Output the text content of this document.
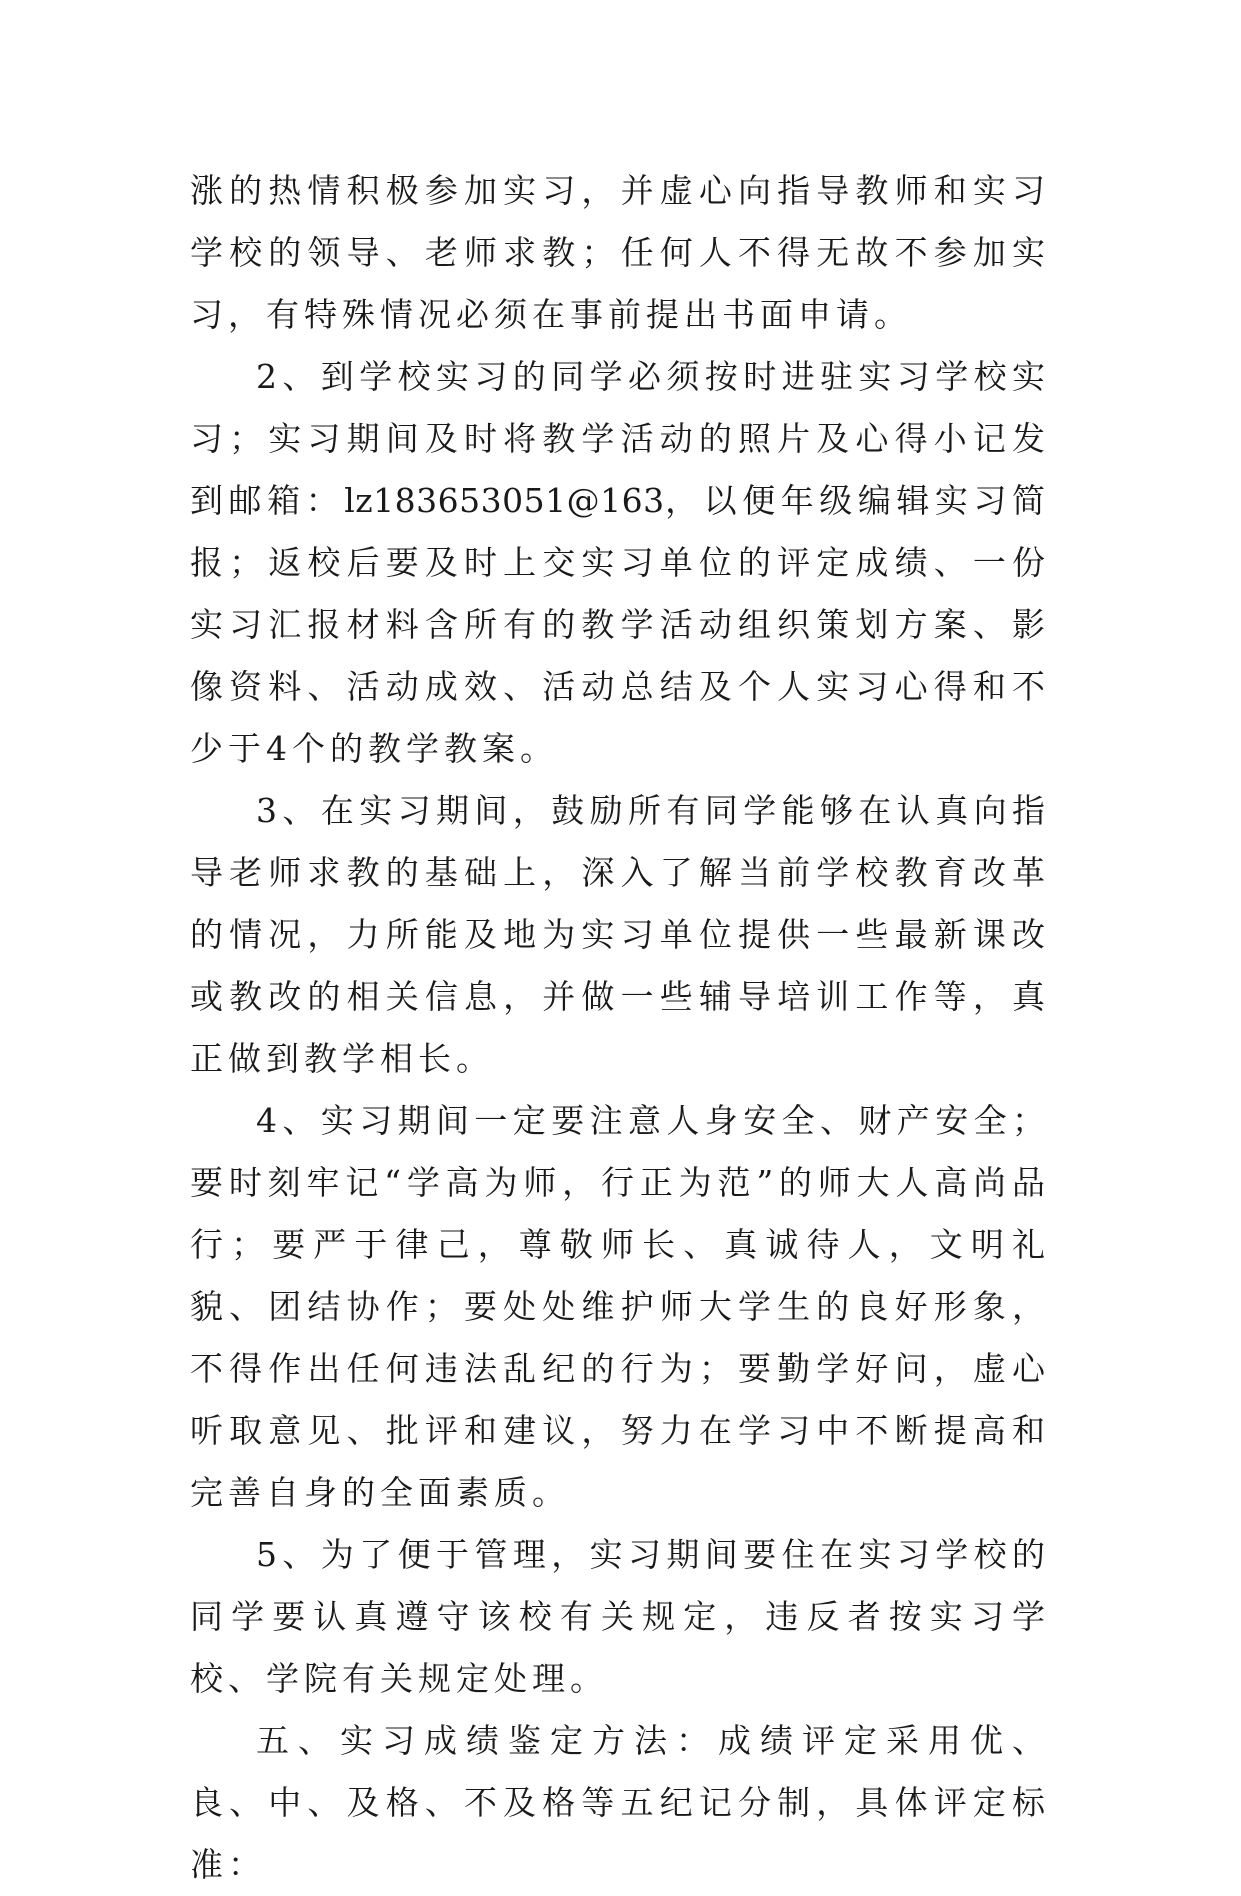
涨的热情积极参加实习，并虚心向指导教师和实习学校的领导、老师求教；任何人不得无故不参加实习，有特殊情况必须在事前提出书面申请。

2、到学校实习的同学必须按时进驻实习学校实习；实习期间及时将教学活动的照片及心得小记发到邮箱：lz183653051@163，以便年级编辑实习简报；返校后要及时上交实习单位的评定成绩、一份实习汇报材料含所有的教学活动组织策划方案、影像资料、活动成效、活动总结及个人实习心得和不少于4个的教学教案。

3、在实习期间，鼓励所有同学能够在认真向指导老师求教的基础上，深入了解当前学校教育改革的情况，力所能及地为实习单位提供一些最新课改或教改的相关信息，并做一些辅导培训工作等，真正做到教学相长。

4、实习期间一定要注意人身安全、财产安全；要时刻牢记“学高为师，行正为范”的师大人高尚品行；要严于律己，尊敬师长、真诚待人，文明礼貌、团结协作；要处处维护师大学生的良好形象，不得作出任何违法乱纪的行为；要勤学好问，虚心听取意见、批评和建议，努力在学习中不断提高和完善自身的全面素质。

5、为了便于管理，实习期间要住在实习学校的同学要认真遵守该校有关规定，违反者按实习学校、学院有关规定处理。

五、实习成绩鉴定方法：成绩评定采用优、良、中、及格、不及格等五纪记分制，具体评定标准：
